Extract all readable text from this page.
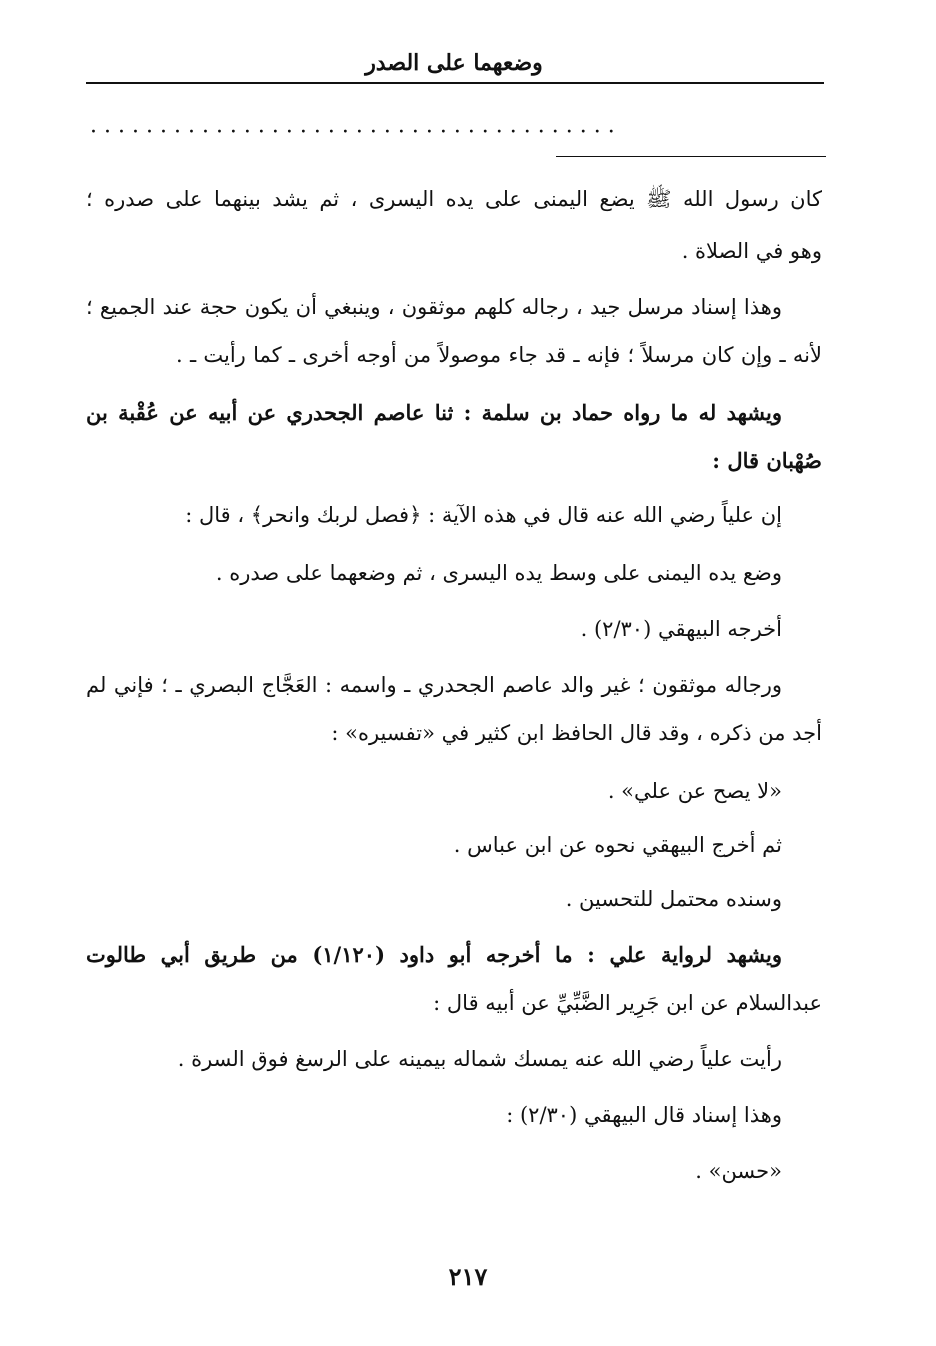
وضعهما على الصدر
······································
كان رسول الله ﷺ يضع اليمنى على يده اليسرى ، ثم يشد بينهما على صدره ؛
وهو في الصلاة .
وهذا إسناد مرسل جيد ، رجاله كلهم موثقون ، وينبغي أن يكون حجة عند الجميع ؛
لأنه ـ وإن كان مرسلاً ؛ فإنه ـ قد جاء موصولاً من أوجه أخرى ـ كما رأيت ـ .
ويشهد له ما رواه حماد بن سلمة : ثنا عاصم الجحدري عن أبيه عن عُقْبة بن
صُهْبان قال :
إن علياً رضي الله عنه قال في هذه الآية : ﴿فصل لربك وانحر﴾ ، قال :
وضع يده اليمنى على وسط يده اليسرى ، ثم وضعهما على صدره .
أخرجه البيهقي (٢/٣٠) .
ورجاله موثقون ؛ غير والد عاصم الجحدري ـ واسمه : العَجَّاج البصري ـ ؛ فإني لم
أجد من ذكره ، وقد قال الحافظ ابن كثير في «تفسيره» :
«لا يصح عن علي» .
ثم أخرج البيهقي نحوه عن ابن عباس .
وسنده محتمل للتحسين .
ويشهد لرواية علي : ما أخرجه أبو داود (١/١٢٠) من طريق أبي طالوت
عبدالسلام عن ابن جَرِير الضَّبِّيِّ عن أبيه قال :
رأيت علياً رضي الله عنه يمسك شماله بيمينه على الرسغ فوق السرة .
وهذا إسناد قال البيهقي (٢/٣٠) :
«حسن» .
٢١٧
